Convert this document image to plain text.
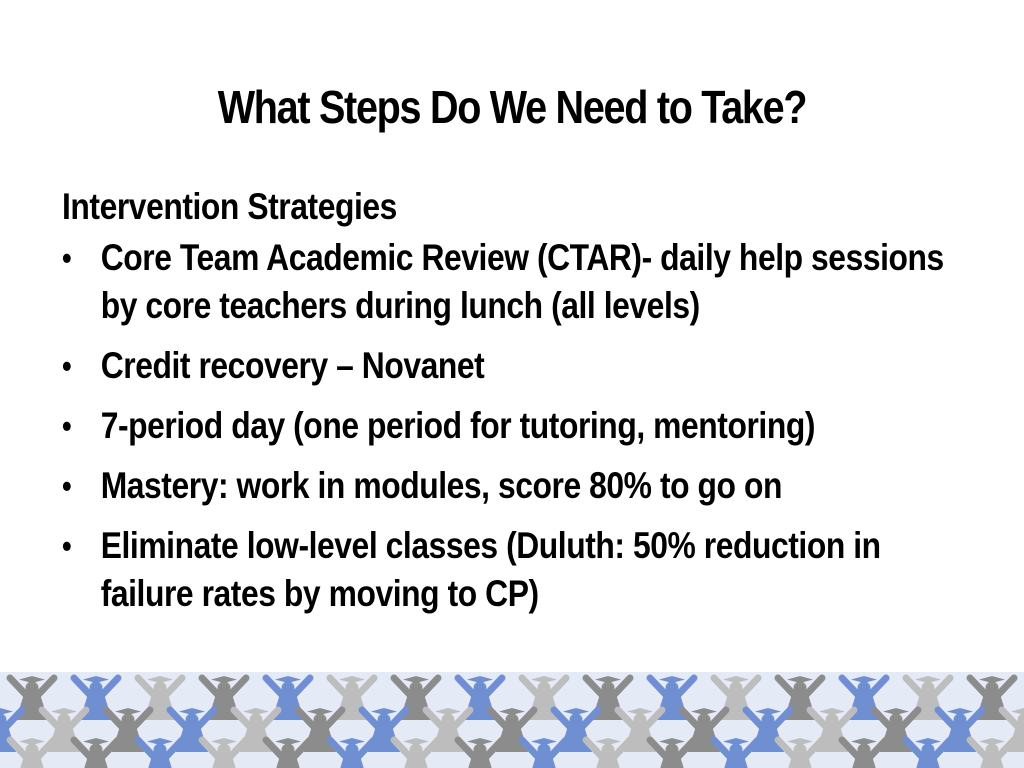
What Steps Do We Need to Take?
Intervention Strategies
• Core Team Academic Review (CTAR)- daily help sessions by core teachers during lunch (all levels)
• Credit recovery – Novanet
• 7-period day (one period for tutoring, mentoring)
• Mastery: work in modules, score 80% to go on
• Eliminate low-level classes (Duluth: 50% reduction in failure rates by moving to CP)
